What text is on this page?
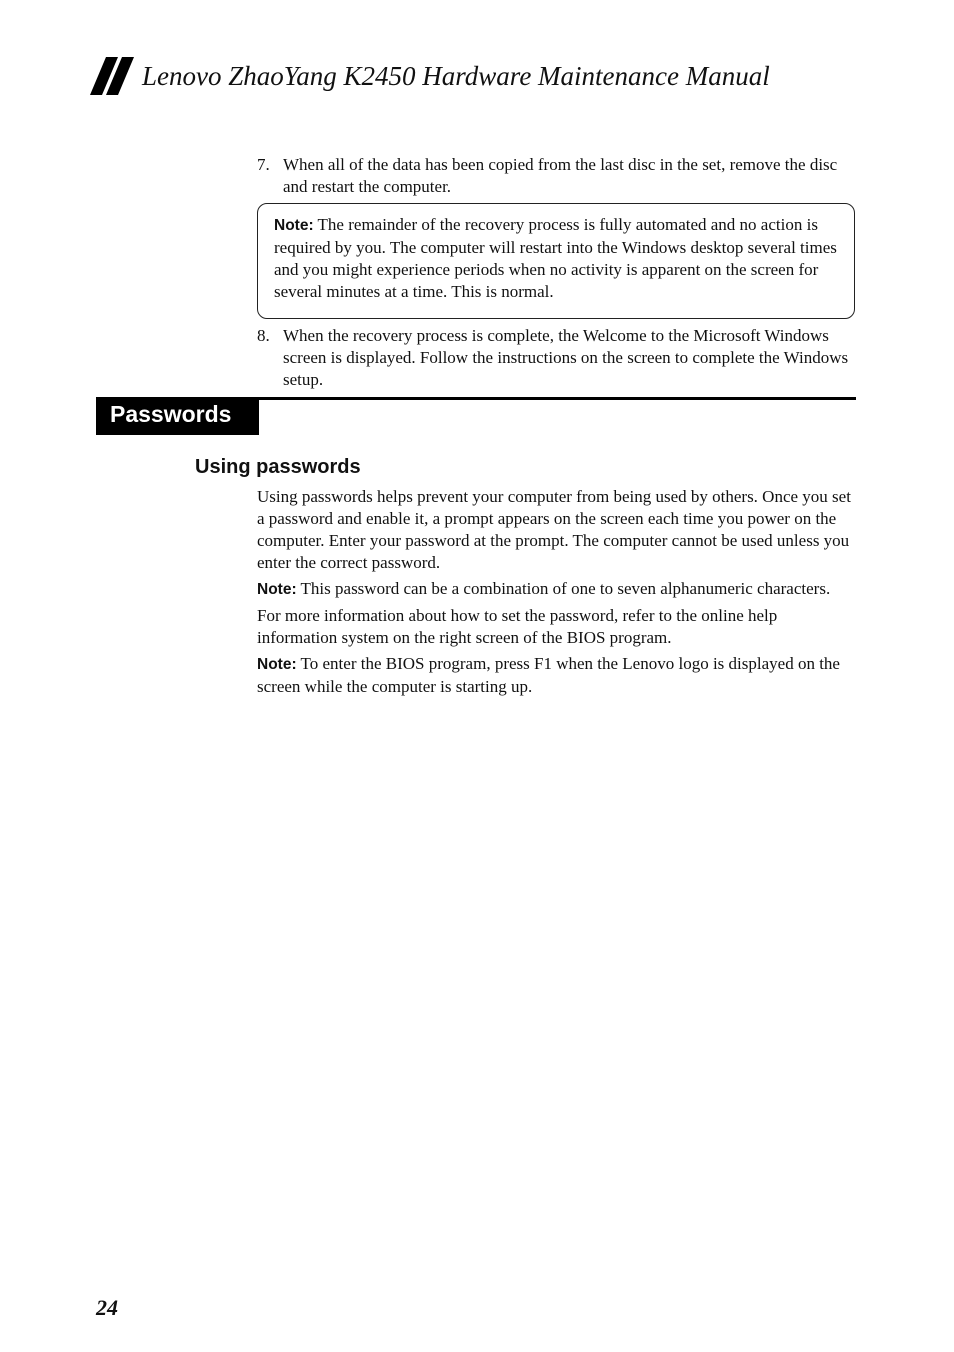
Lenovo ZhaoYang K2450 Hardware Maintenance Manual
7. When all of the data has been copied from the last disc in the set, remove the disc and restart the computer.
Note: The remainder of the recovery process is fully automated and no action is required by you. The computer will restart into the Windows desktop several times and you might experience periods when no activity is apparent on the screen for several minutes at a time. This is normal.
8. When the recovery process is complete, the Welcome to the Microsoft Windows screen is displayed. Follow the instructions on the screen to complete the Windows setup.
Passwords
Using passwords

Using passwords helps prevent your computer from being used by others. Once you set a password and enable it, a prompt appears on the screen each time you power on the computer. Enter your password at the prompt. The computer cannot be used unless you enter the correct password.

Note: This password can be a combination of one to seven alphanumeric characters.

For more information about how to set the password, refer to the online help information system on the right screen of the BIOS program.

Note: To enter the BIOS program, press F1 when the Lenovo logo is displayed on the screen while the computer is starting up.

24
